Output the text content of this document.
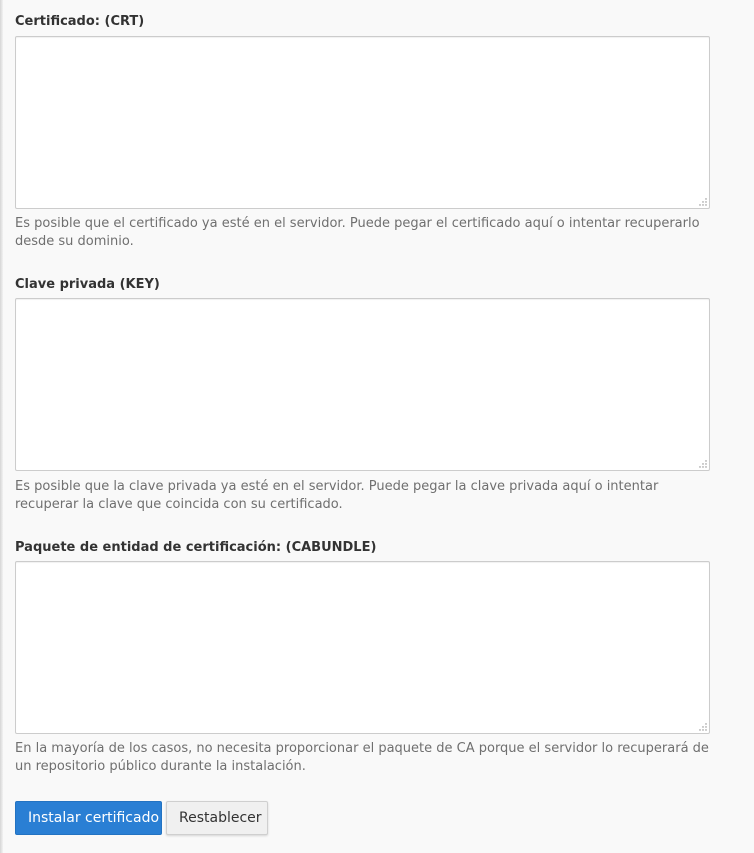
Certificado: (CRT)
Es posible que el certificado ya esté en el servidor. Puede pegar el certificado aquí o intentar recuperarlo desde su dominio.
Clave privada (KEY)
Es posible que la clave privada ya esté en el servidor. Puede pegar la clave privada aquí o intentar recuperar la clave que coincida con su certificado.
Paquete de entidad de certificación: (CABUNDLE)
En la mayoría de los casos, no necesita proporcionar el paquete de CA porque el servidor lo recuperará de un repositorio público durante la instalación.
Instalar certificado	Restablecer
